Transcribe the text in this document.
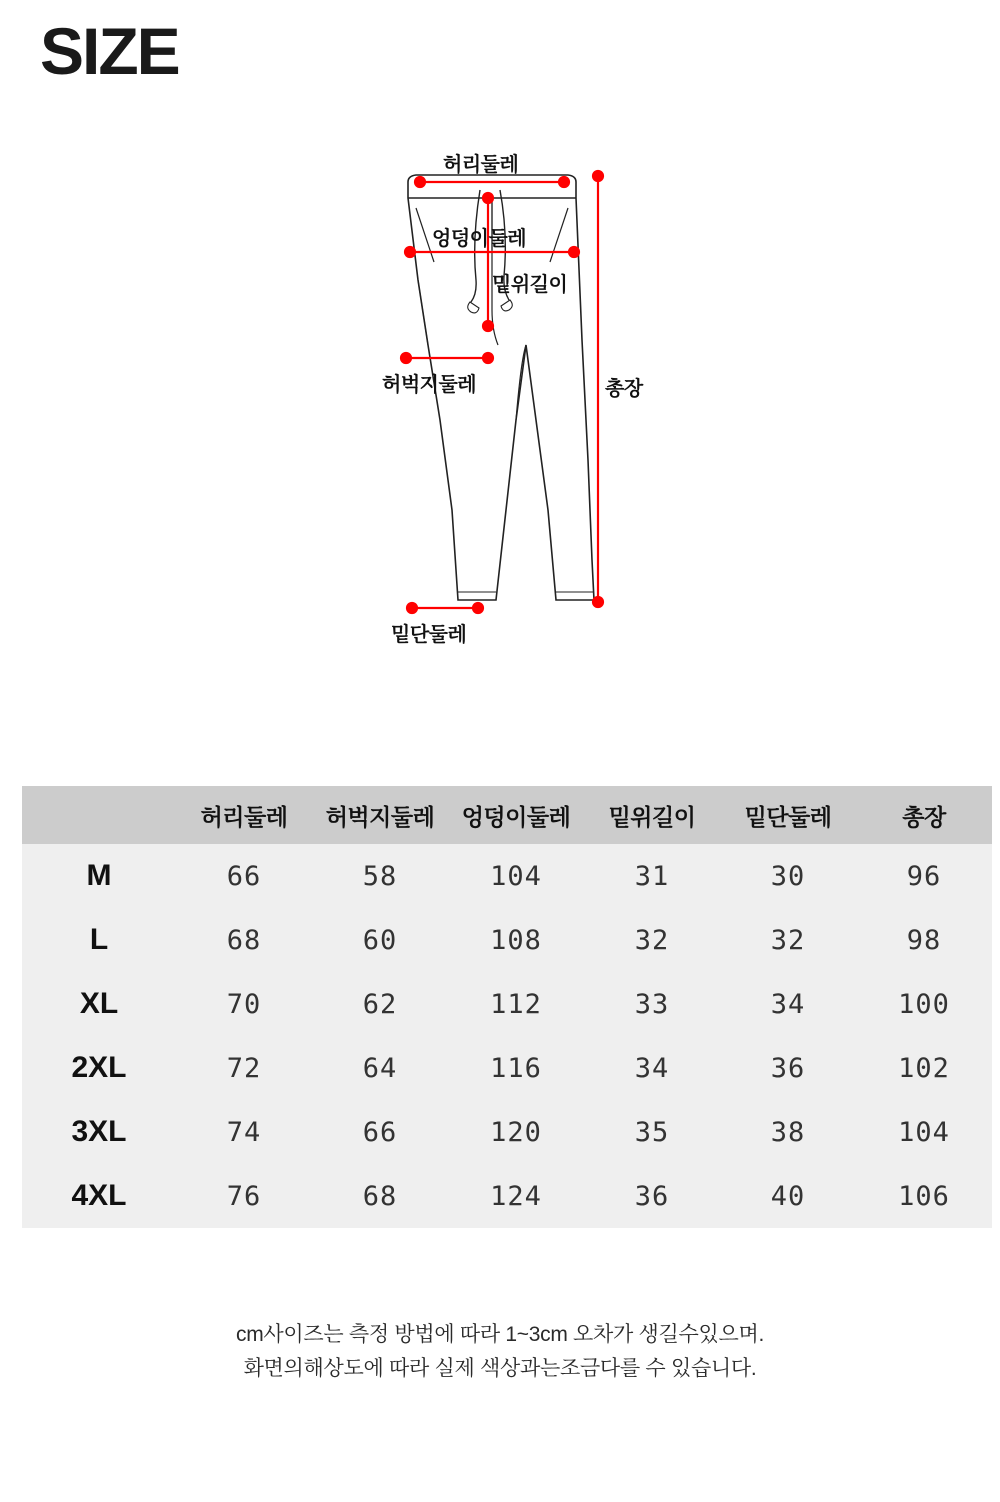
SIZE
허리둘레
엉덩이둘레
밑위길이
허벅지둘레
밑단둘레
총장
	허리둘레	허벅지둘레	엉덩이둘레	밑위길이	밑단둘레	총장
M	66	58	104	31	30	96
L	68	60	108	32	32	98
XL	70	62	112	33	34	100
2XL	72	64	116	34	36	102
3XL	74	66	120	35	38	104
4XL	76	68	124	36	40	106
cm사이즈는 측정 방법에 따라 1~3cm 오차가 생길수있으며.
화면의해상도에 따라 실제 색상과는조금다를 수 있습니다.
